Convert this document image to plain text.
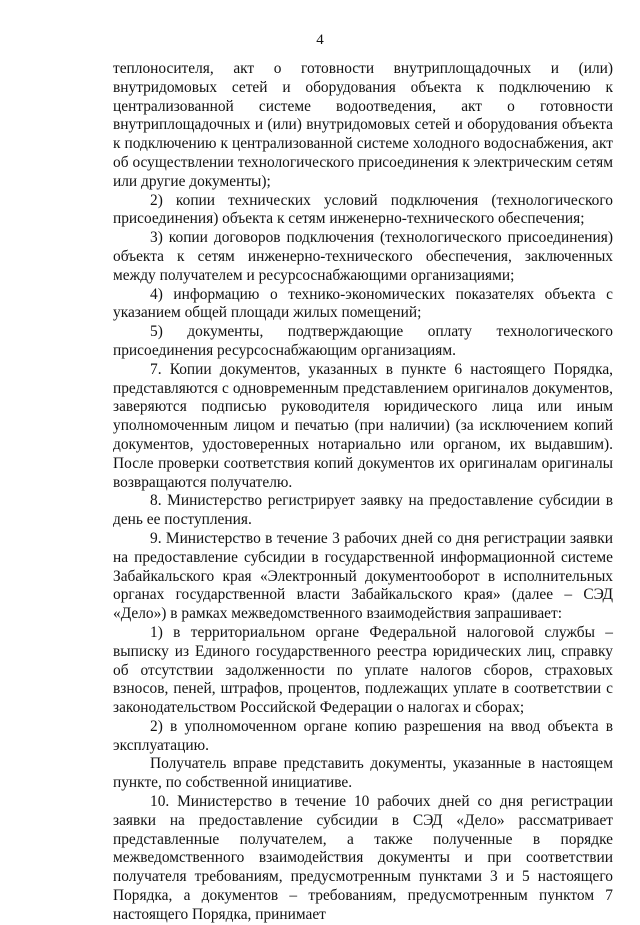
4

теплоносителя, акт о готовности внутриплощадочных и (или) внутридомовых сетей и оборудования объекта к подключению к централизованной системе водоотведения, акт о готовности внутриплощадочных и (или) внутридомовых сетей и оборудования объекта к подключению к централизованной системе холодного водоснабжения, акт об осуществлении технологического присоединения к электрическим сетям или другие документы);

2) копии технических условий подключения (технологического присоединения) объекта к сетям инженерно-технического обеспечения;

3) копии договоров подключения (технологического присоединения) объекта к сетям инженерно-технического обеспечения, заключенных между получателем и ресурсоснабжающими организациями;

4) информацию о технико-экономических показателях объекта с указанием общей площади жилых помещений;

5) документы, подтверждающие оплату технологического присоединения ресурсоснабжающим организациям.

7. Копии документов, указанных в пункте 6 настоящего Порядка, представляются с одновременным представлением оригиналов документов, заверяются подписью руководителя юридического лица или иным уполномоченным лицом и печатью (при наличии) (за исключением копий документов, удостоверенных нотариально или органом, их выдавшим). После проверки соответствия копий документов их оригиналам оригиналы возвращаются получателю.

8. Министерство регистрирует заявку на предоставление субсидии в день ее поступления.

9. Министерство в течение 3 рабочих дней со дня регистрации заявки на предоставление субсидии в государственной информационной системе Забайкальского края «Электронный документооборот в исполнительных органах государственной власти Забайкальского края» (далее – СЭД «Дело») в рамках межведомственного взаимодействия запрашивает:

1) в территориальном органе Федеральной налоговой службы – выписку из Единого государственного реестра юридических лиц, справку об отсутствии задолженности по уплате налогов сборов, страховых взносов, пеней, штрафов, процентов, подлежащих уплате в соответствии с законодательством Российской Федерации о налогах и сборах;

2) в уполномоченном органе копию разрешения на ввод объекта в эксплуатацию.

Получатель вправе представить документы, указанные в настоящем пункте, по собственной инициативе.

10. Министерство в течение 10 рабочих дней со дня регистрации заявки на предоставление субсидии в СЭД «Дело» рассматривает представленные получателем, а также полученные в порядке межведомственного взаимодействия документы и при соответствии получателя требованиям, предусмотренным пунктами 3 и 5 настоящего Порядка, а документов – требованиям, предусмотренным пунктом 7 настоящего Порядка, принимает
